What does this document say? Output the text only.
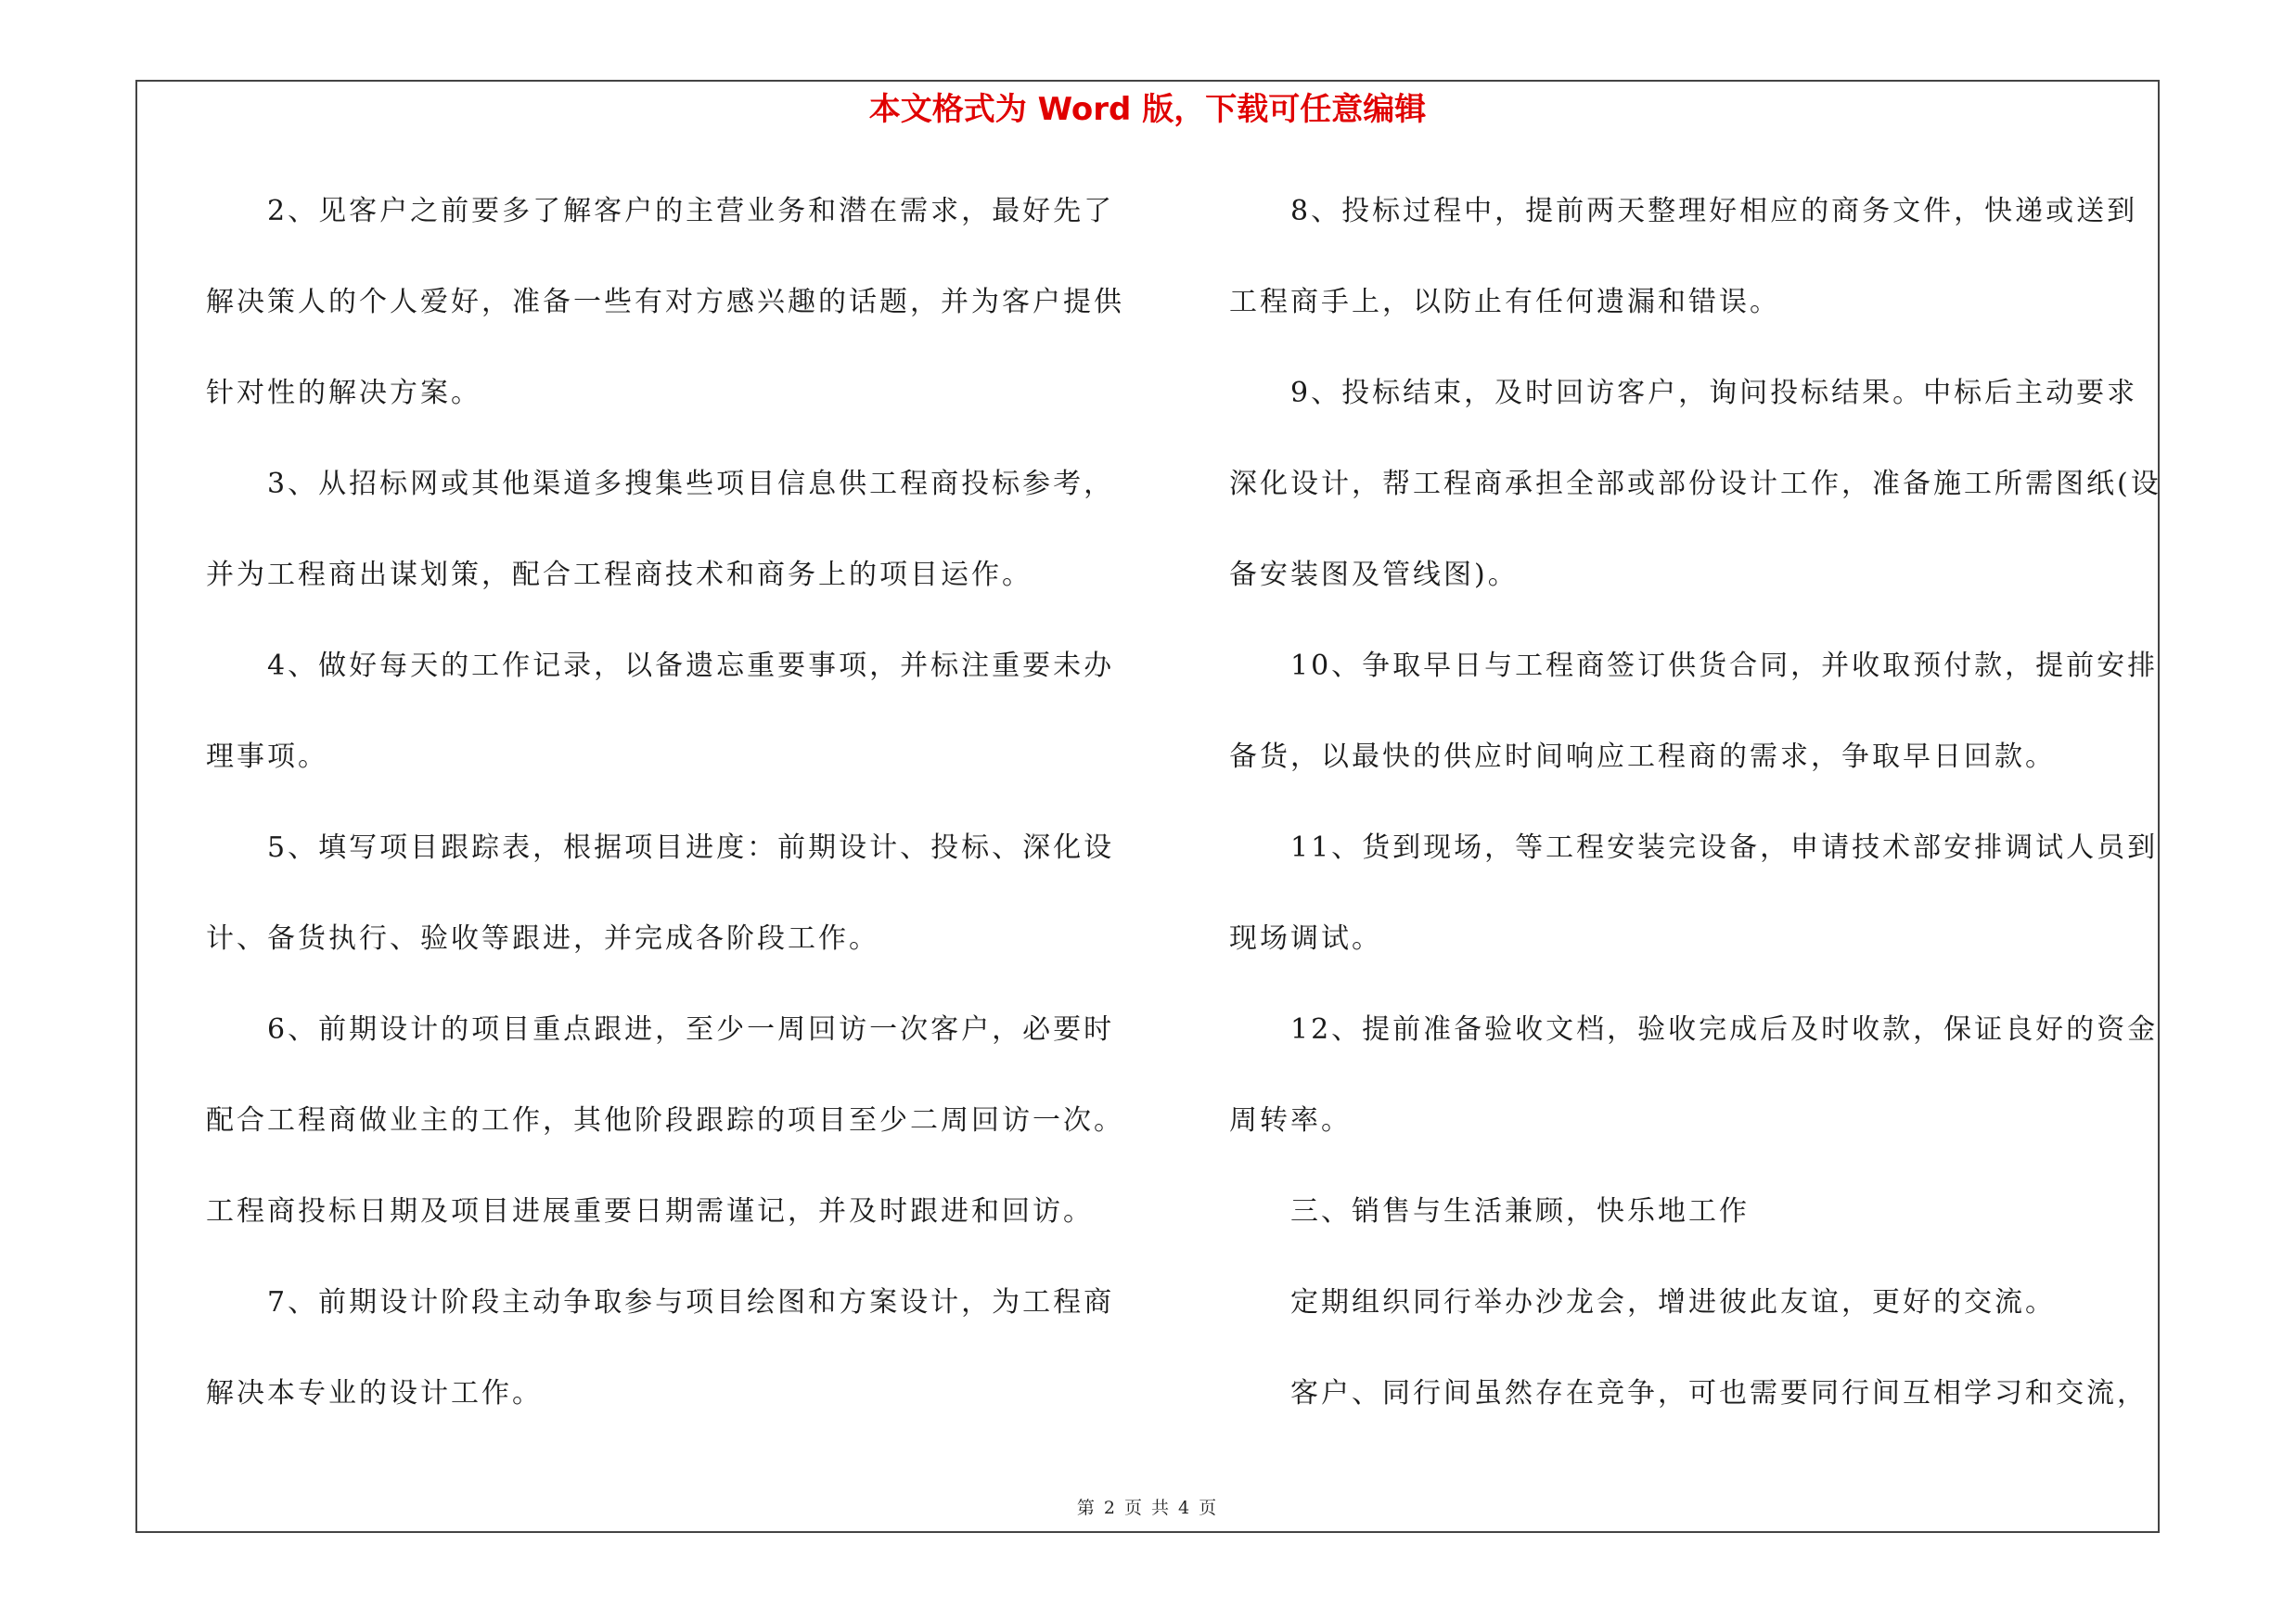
本文格式为 Word 版，下载可任意编辑
2、见客户之前要多了解客户的主营业务和潜在需求，最好先了
解决策人的个人爱好，准备一些有对方感兴趣的话题，并为客户提供
针对性的解决方案。
3、从招标网或其他渠道多搜集些项目信息供工程商投标参考，
并为工程商出谋划策，配合工程商技术和商务上的项目运作。
4、做好每天的工作记录，以备遗忘重要事项，并标注重要未办
理事项。
5、填写项目跟踪表，根据项目进度：前期设计、投标、深化设
计、备货执行、验收等跟进，并完成各阶段工作。
6、前期设计的项目重点跟进，至少一周回访一次客户，必要时
配合工程商做业主的工作，其他阶段跟踪的项目至少二周回访一次。
工程商投标日期及项目进展重要日期需谨记，并及时跟进和回访。
7、前期设计阶段主动争取参与项目绘图和方案设计，为工程商
解决本专业的设计工作。
8、投标过程中，提前两天整理好相应的商务文件，快递或送到
工程商手上，以防止有任何遗漏和错误。
9、投标结束，及时回访客户，询问投标结果。中标后主动要求
深化设计，帮工程商承担全部或部份设计工作，准备施工所需图纸(设
备安装图及管线图)。
10、争取早日与工程商签订供货合同，并收取预付款，提前安排
备货，以最快的供应时间响应工程商的需求，争取早日回款。
11、货到现场，等工程安装完设备，申请技术部安排调试人员到
现场调试。
12、提前准备验收文档，验收完成后及时收款，保证良好的资金
周转率。
三、销售与生活兼顾，快乐地工作
定期组织同行举办沙龙会，增进彼此友谊，更好的交流。
客户、同行间虽然存在竞争，可也需要同行间互相学习和交流，
第 2 页 共 4 页
